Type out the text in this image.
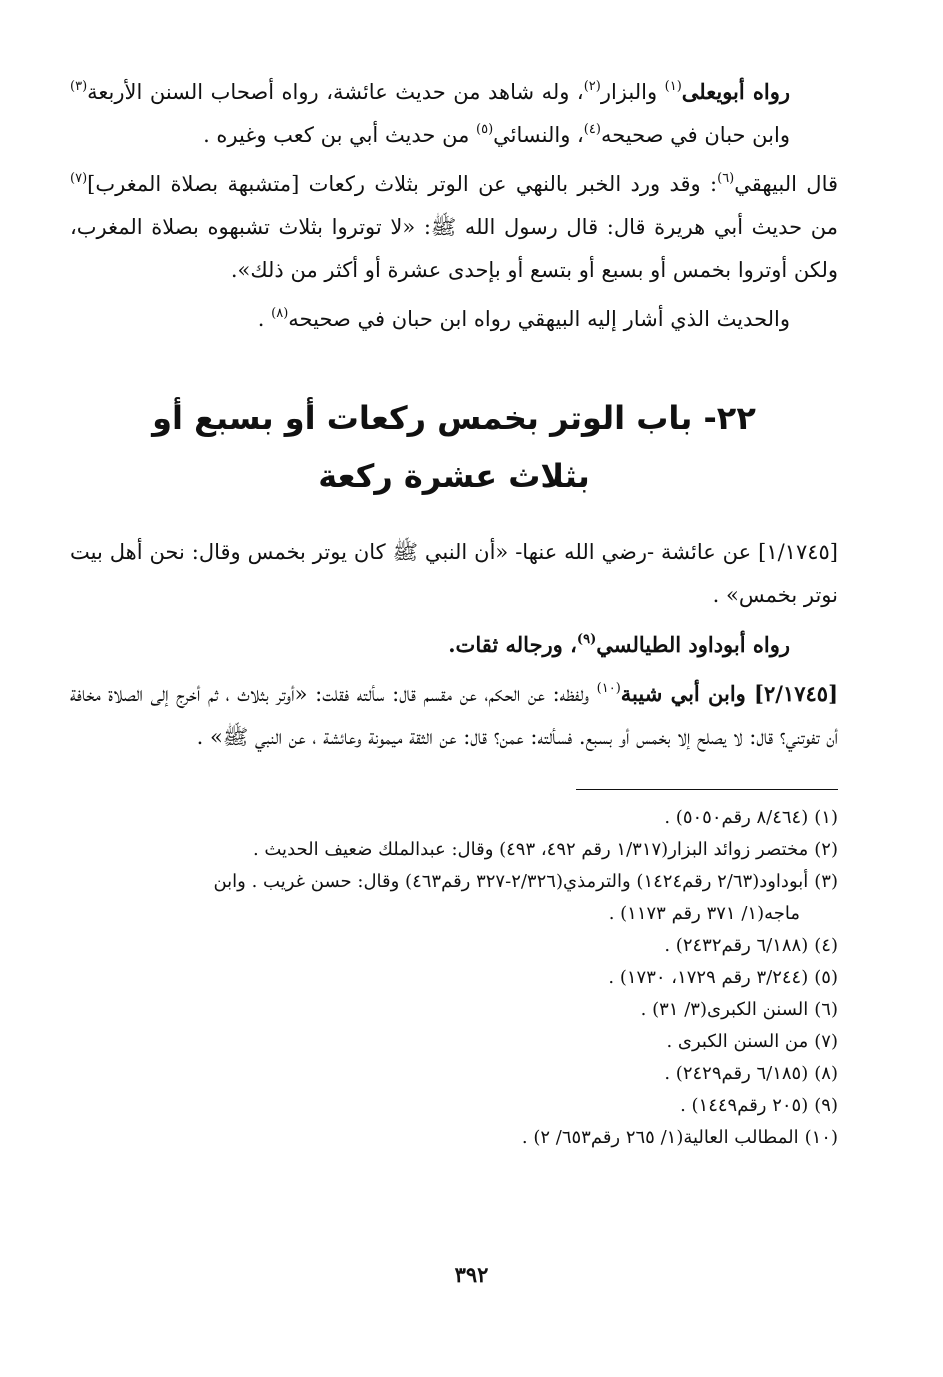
رواه أبويعلى$^{(١)}$ والبزار$^{(٢)}$، وله شاهد من حديث عائشة، رواه أصحاب السنن الأربعة$^{(٣)}$ وابن حبان في صحيحه$^{(٤)}$، والنسائي$^{(٥)}$ من حديث أبي بن كعب وغيره .

قال البيهقي$^{(٦)}$: وقد ورد الخبر بالنهي عن الوتر بثلاث ركعات [متشبهة بصلاة المغرب]$^{(٧)}$ من حديث أبي هريرة قال: قال رسول الله ﷺ: «لا توتروا بثلاث تشبهوه بصلاة المغرب، ولكن أوتروا بخمس أو بسبع أو بتسع أو بإحدى عشرة أو أكثر من ذلك».

والحديث الذي أشار إليه البيهقي رواه ابن حبان في صحيحه$^{(٨)}$ .

٢٢- باب الوتر بخمس ركعات أو بسبع أو
بثلاث عشرة ركعة

[١/١٧٤٥] عن عائشة -رضي الله عنها- «أن النبي ﷺ كان يوتر بخمس وقال: نحن أهل بيت نوتر بخمس» .

رواه أبوداود الطيالسي$^{(٩)}$، ورجاله ثقات.

[٢/١٧٤٥] وابن أبي شيبة$^{(١٠)}$ ولفظه: عن الحكم، عن مقسم قال: سألته فقلت: «أوتر بثلاث ، ثم أخرج إلى الصلاة مخافة أن تفوتني؟ قال: لا يصلح إلا بخمس أو بسبع. فسألته: عمن؟ قال: عن الثقة ميمونة وعائشة ، عن النبي ﷺ» .

(١)(٨/٤٦٤ رقم٥٠٥٠) .
(٢)مختصر زوائد البزار(١/٣١٧ رقم ٤٩٢، ٤٩٣) وقال: عبدالملك ضعيف الحديث .
(٣)أبوداود(٢/٦٣ رقم١٤٢٤) والترمذي(٢/٣٢٦-٣٢٧ رقم٤٦٣) وقال: حسن غريب . وابن
ماجه(١/ ٣٧١ رقم ١١٧٣) .
(٤)(٦/١٨٨ رقم٢٤٣٢) .
(٥)(٣/٢٤٤ رقم ١٧٢٩، ١٧٣٠) .
(٦)السنن الكبرى(٣/ ٣١) .
(٧)من السنن الكبرى .
(٨)(٦/١٨٥ رقم٢٤٢٩) .
(٩)(٢٠٥ رقم١٤٤٩) .
(١٠)المطالب العالية(١/ ٢٦٥ رقم٦٥٣/ ٢) .
٣٩٢
